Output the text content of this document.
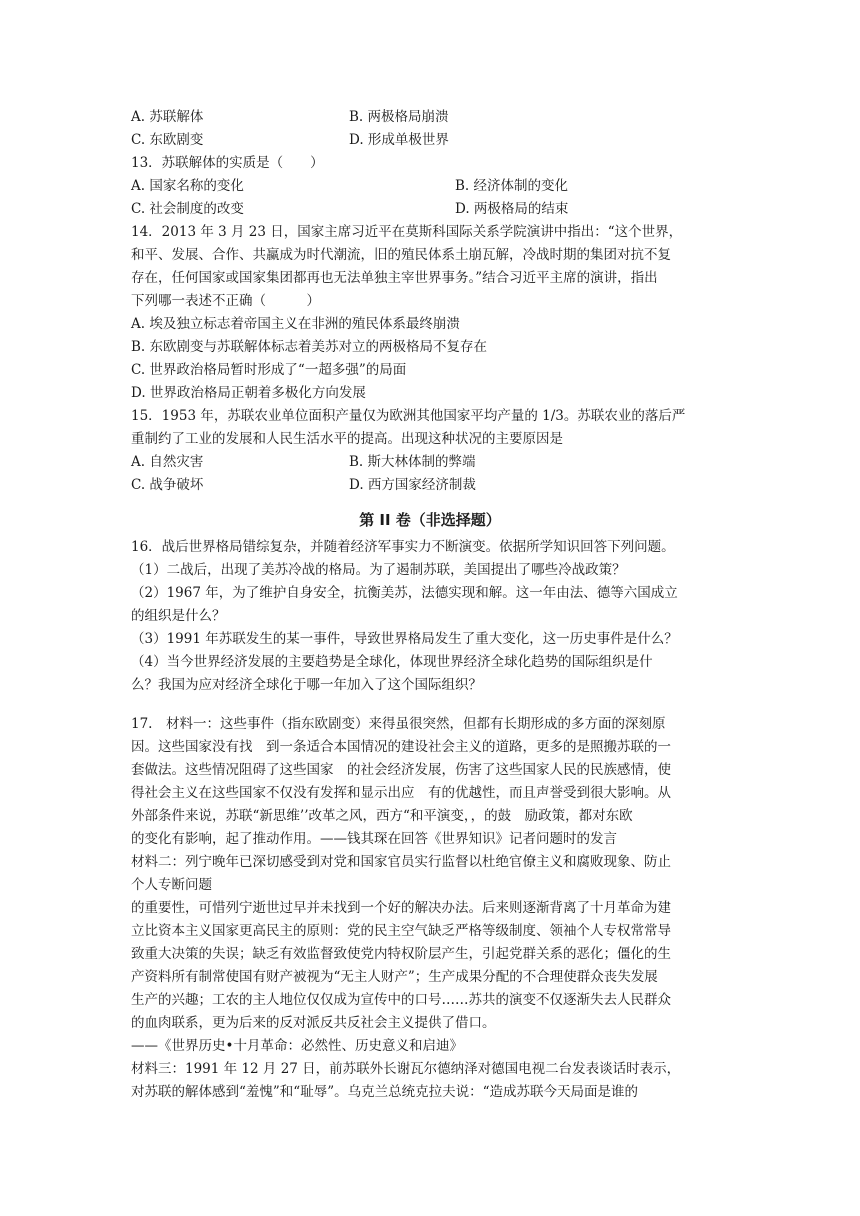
A. 苏联解体	B. 两极格局崩溃
C. 东欧剧变	D. 形成单极世界
13．苏联解体的实质是（　　）
A. 国家名称的变化	B. 经济体制的变化
C. 社会制度的改变	D. 两极格局的结束
14．2013 年 3 月 23 日，国家主席习近平在莫斯科国际关系学院演讲中指出：“这个世界，
和平、发展、合作、共赢成为时代潮流，旧的殖民体系土崩瓦解，冷战时期的集团对抗不复
存在，任何国家或国家集团都再也无法单独主宰世界事务。”结合习近平主席的演讲，指出
下列哪一表述不正确（　　　）
A. 埃及独立标志着帝国主义在非洲的殖民体系最终崩溃
B. 东欧剧变与苏联解体标志着美苏对立的两极格局不复存在
C. 世界政治格局暂时形成了“一超多强”的局面
D. 世界政治格局正朝着多极化方向发展
15．1953 年，苏联农业单位面积产量仅为欧洲其他国家平均产量的 1/3。苏联农业的落后严
重制约了工业的发展和人民生活水平的提高。出现这种状况的主要原因是
A. 自然灾害	B. 斯大林体制的弊端
C. 战争破坏	D. 西方国家经济制裁
第 II 卷（非选择题）
16．战后世界格局错综复杂，并随着经济军事实力不断演变。依据所学知识回答下列问题。
（1）二战后，出现了美苏冷战的格局。为了遏制苏联，美国提出了哪些冷战政策？
（2）1967 年，为了维护自身安全，抗衡美苏，法德实现和解。这一年由法、德等六国成立
的组织是什么？
（3）1991 年苏联发生的某一事件，导致世界格局发生了重大变化，这一历史事件是什么？
（4）当今世界经济发展的主要趋势是全球化，体现世界经济全球化趋势的国际组织是什
么？我国为应对经济全球化于哪一年加入了这个国际组织？
17.　材料一：这些事件（指东欧剧变）来得虽很突然，但都有长期形成的多方面的深刻原
因。这些国家没有找　到一条适合本国情况的建设社会主义的道路，更多的是照搬苏联的一
套做法。这些情况阻碍了这些国家　的社会经济发展，伤害了这些国家人民的民族感情，使
得社会主义在这些国家不仅没有发挥和显示出应　有的优越性，而且声誉受到很大影响。从
外部条件来说，苏联“新思维’’改革之风，西方“和平演变，，的鼓　励政策，都对东欧
的变化有影响，起了推动作用。——钱其琛在回答《世界知识》记者问题时的发言
材料二：列宁晚年已深切感受到对党和国家官员实行监督以杜绝官僚主义和腐败现象、防止
个人专断问题
的重要性，可惜列宁逝世过早并未找到一个好的解决办法。后来则逐渐背离了十月革命为建
立比资本主义国家更高民主的原则：党的民主空气缺乏严格等级制度、领袖个人专权常常导
致重大决策的失误；缺乏有效监督致使党内特权阶层产生，引起党群关系的恶化；僵化的生
产资料所有制常使国有财产被视为“无主人财产”；生产成果分配的不合理使群众丧失发展
生产的兴趣；工农的主人地位仅仅成为宣传中的口号……苏共的演变不仅逐渐失去人民群众
的血肉联系，更为后来的反对派反共反社会主义提供了借口。
——《世界历史•十月革命：必然性、历史意义和启迪》
材料三：1991 年 12 月 27 日，前苏联外长谢瓦尔德纳泽对德国电视二台发表谈话时表示，
对苏联的解体感到“羞愧”和“耻辱”。乌克兰总统克拉夫说：“造成苏联今天局面是谁的
